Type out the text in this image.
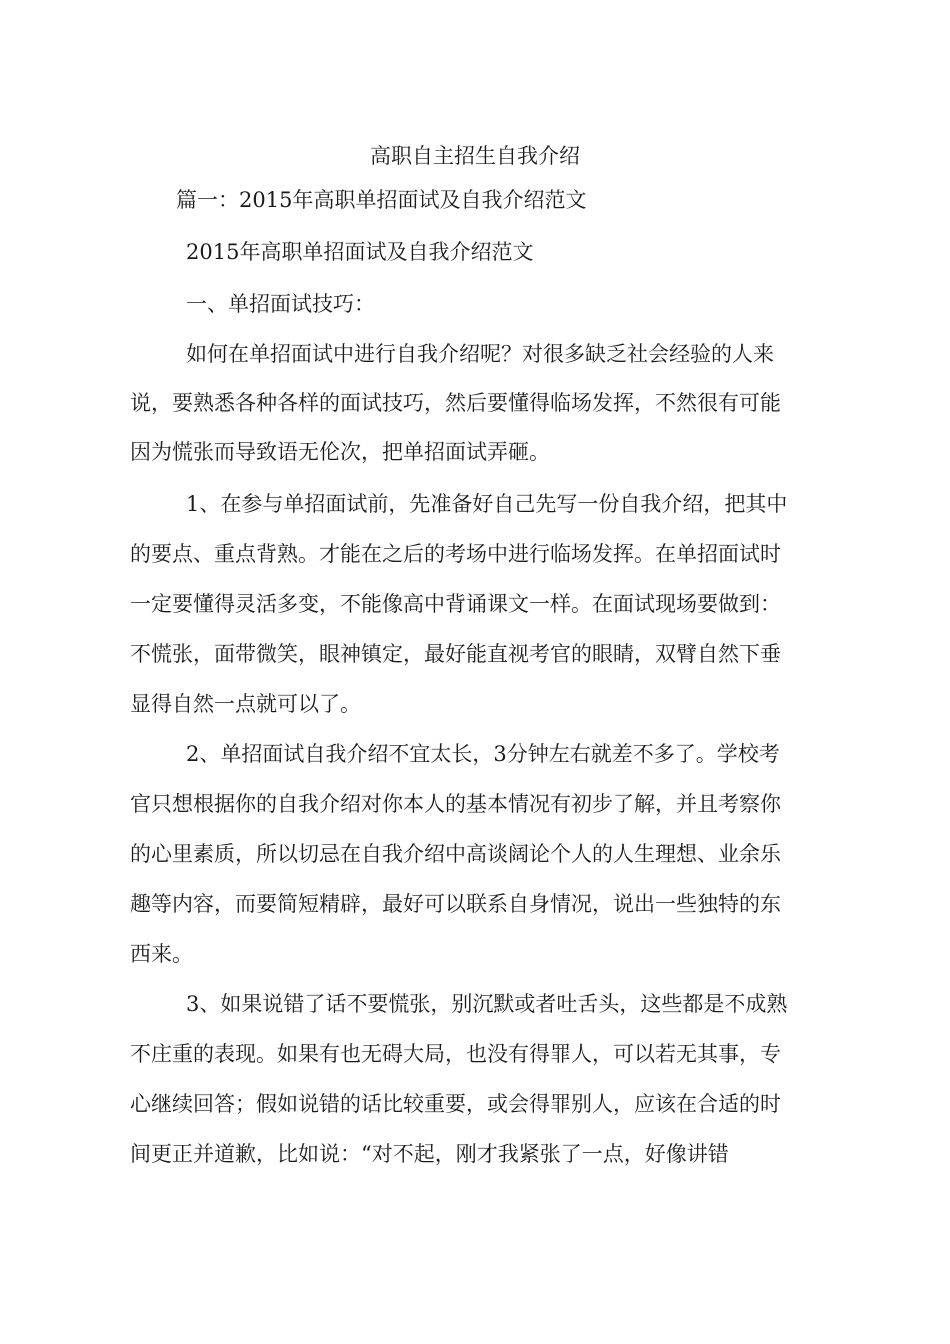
高职自主招生自我介绍

篇一：2015年高职单招面试及自我介绍范文

2015年高职单招面试及自我介绍范文

一、单招面试技巧：

如何在单招面试中进行自我介绍呢？对很多缺乏社会经验的人来

说，要熟悉各种各样的面试技巧，然后要懂得临场发挥，不然很有可能

因为慌张而导致语无伦次，把单招面试弄砸。

1、在参与单招面试前，先准备好自己先写一份自我介绍，把其中

的要点、重点背熟。才能在之后的考场中进行临场发挥。在单招面试时

一定要懂得灵活多变，不能像高中背诵课文一样。在面试现场要做到：

不慌张，面带微笑，眼神镇定，最好能直视考官的眼睛，双臂自然下垂

显得自然一点就可以了。

2、单招面试自我介绍不宜太长，3分钟左右就差不多了。学校考

官只想根据你的自我介绍对你本人的基本情况有初步了解，并且考察你

的心里素质，所以切忌在自我介绍中高谈阔论个人的人生理想、业余乐

趣等内容，而要简短精辟，最好可以联系自身情况，说出一些独特的东

西来。

3、如果说错了话不要慌张，别沉默或者吐舌头，这些都是不成熟

不庄重的表现。如果有也无碍大局，也没有得罪人，可以若无其事，专

心继续回答；假如说错的话比较重要，或会得罪别人，应该在合适的时

间更正并道歉，比如说：“对不起，刚才我紧张了一点，好像讲错
